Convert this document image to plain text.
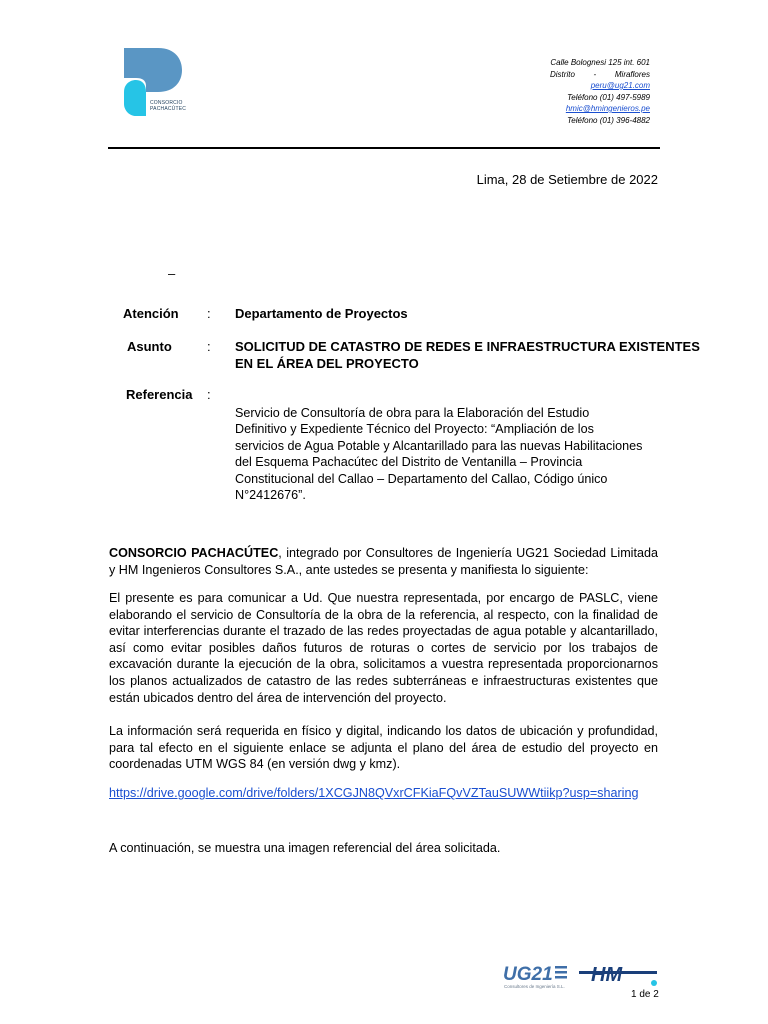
CONSORCIO
PACHACÚTEC
Calle Bolognesi 125 int. 601
Distrito - Miraflores
peru@ug21.com
Teléfono (01) 497-5989
hmic@hmingenieros.pe
Teléfono (01) 396-4882
Lima, 28 de Setiembre de 2022
–
Atención : Departamento de Proyectos
Asunto	: SOLICITUD DE CATASTRO DE REDES E INFRAESTRUCTURA EXISTENTES
EN EL ÁREA DEL PROYECTO
Referencia :
Servicio de Consultoría de obra para la Elaboración del Estudio
Definitivo y Expediente Técnico del Proyecto: “Ampliación de los
servicios de Agua Potable y Alcantarillado para las nuevas Habilitaciones
del Esquema Pachacútec del Distrito de Ventanilla – Provincia
Constitucional del Callao – Departamento del Callao, Código único
N°2412676”.
CONSORCIO PACHACÚTEC, integrado por Consultores de Ingeniería UG21 Sociedad Limitada y HM Ingenieros Consultores S.A., ante ustedes se presenta y manifiesta lo siguiente:
El presente es para comunicar a Ud. Que nuestra representada, por encargo de PASLC, viene elaborando el servicio de Consultoría de la obra de la referencia, al respecto, con la finalidad de evitar interferencias durante el trazado de las redes proyectadas de agua potable y alcantarillado, así como evitar posibles daños futuros de roturas o cortes de servicio por los trabajos de excavación durante la ejecución de la obra, solicitamos a vuestra representada proporcionarnos los planos actualizados de catastro de las redes subterráneas e infraestructuras existentes que están ubicados dentro del área de intervención del proyecto.
La información será requerida en físico y digital, indicando los datos de ubicación y profundidad, para tal efecto en el siguiente enlace se adjunta el plano del área de estudio del proyecto en coordenadas UTM WGS 84 (en versión dwg y kmz).
https://drive.google.com/drive/folders/1XCGJN8QVxrCFKiaFQvVZTauSUWWtiikp?usp=sharing
A continuación, se muestra una imagen referencial del área solicitada.
UG21
Consultores de Ingeniería S.L.
HM
1 de 2
